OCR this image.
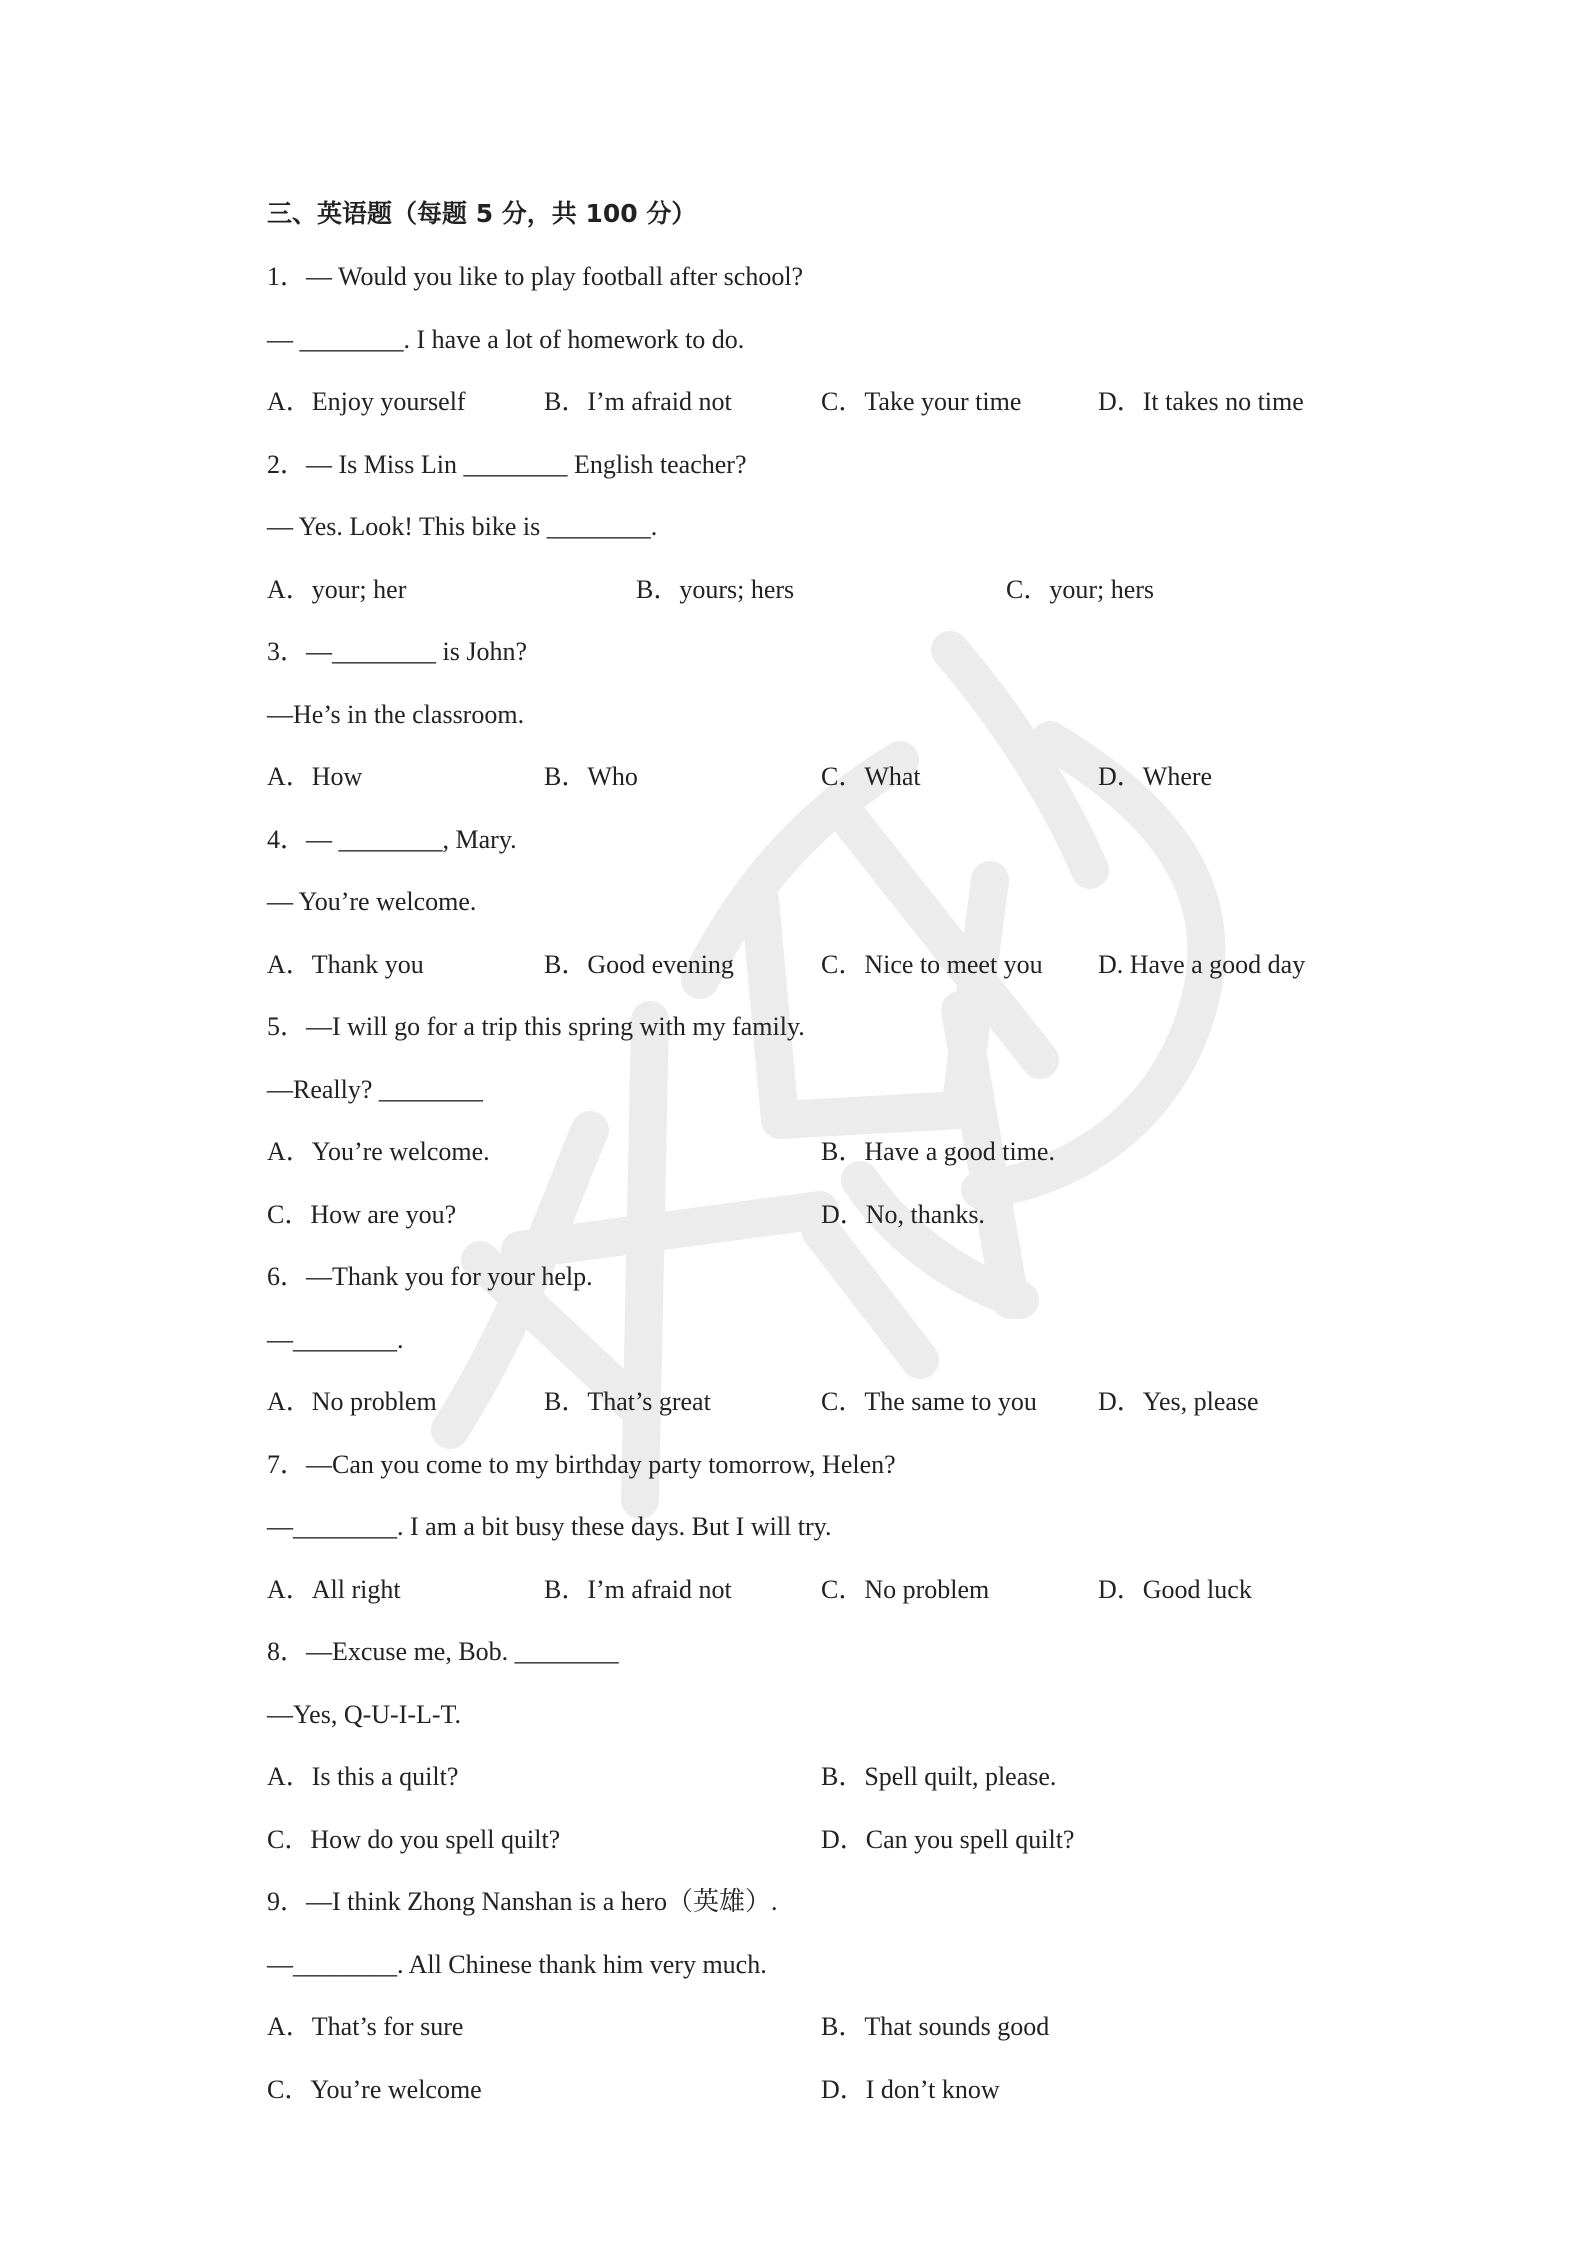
三、英语题（每题 5 分，共 100 分）
1．— Would you like to play football after school?
— ________. I have a lot of homework to do.
A．Enjoy yourself	B．I’m afraid not	C．Take your time	D．It takes no time
2．— Is Miss Lin ________ English teacher?
— Yes. Look! This bike is ________.
A．your; her	B．yours; hers	C．your; hers
3．—________ is John?
—He’s in the classroom.
A．How	B．Who	C．What	D．Where
4．— ________, Mary.
— You’re welcome.
A．Thank you	B．Good evening	C．Nice to meet you D. Have a good day
5．—I will go for a trip this spring with my family.
—Really? ________
A．You’re welcome.	B．Have a good time.
C．How are you?	D．No, thanks.
6．—Thank you for your help.
—________.
A．No problem	B．That’s great	C．The same to you D．Yes, please
7．—Can you come to my birthday party tomorrow, Helen?
—________. I am a bit busy these days. But I will try.
A．All right	B．I’m afraid not	C．No problem	D．Good luck
8．—Excuse me, Bob. ________
—Yes, Q-U-I-L-T.
A．Is this a quilt?	B．Spell quilt, please.
C．How do you spell quilt?	D．Can you spell quilt?
9．—I think Zhong Nanshan is a hero（英雄）.
—________. All Chinese thank him very much.
A．That’s for sure	B．That sounds good
C．You’re welcome	D．I don’t know
